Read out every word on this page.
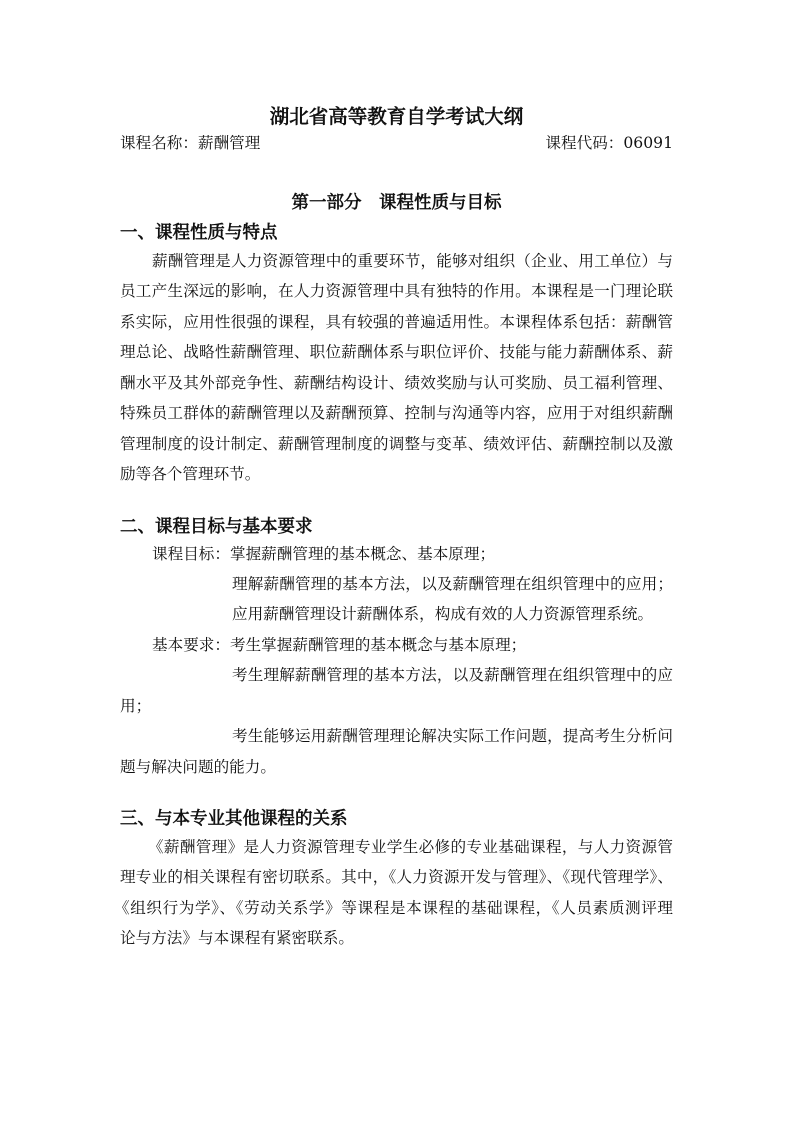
湖北省高等教育自学考试大纲
课程名称：薪酬管理	课程代码：06091
第一部分　课程性质与目标
一、课程性质与特点
薪酬管理是人力资源管理中的重要环节，能够对组织（企业、用工单位）与
员工产生深远的影响，在人力资源管理中具有独特的作用。本课程是一门理论联
系实际，应用性很强的课程，具有较强的普遍适用性。本课程体系包括：薪酬管
理总论、战略性薪酬管理、职位薪酬体系与职位评价、技能与能力薪酬体系、薪
酬水平及其外部竞争性、薪酬结构设计、绩效奖励与认可奖励、员工福利管理、
特殊员工群体的薪酬管理以及薪酬预算、控制与沟通等内容，应用于对组织薪酬
管理制度的设计制定、薪酬管理制度的调整与变革、绩效评估、薪酬控制以及激
励等各个管理环节。
二、课程目标与基本要求
课程目标：掌握薪酬管理的基本概念、基本原理；
理解薪酬管理的基本方法，以及薪酬管理在组织管理中的应用；
应用薪酬管理设计薪酬体系，构成有效的人力资源管理系统。
基本要求：考生掌握薪酬管理的基本概念与基本原理；
考生理解薪酬管理的基本方法，以及薪酬管理在组织管理中的应
用；
考生能够运用薪酬管理理论解决实际工作问题，提高考生分析问
题与解决问题的能力。
三、与本专业其他课程的关系
《薪酬管理》是人力资源管理专业学生必修的专业基础课程，与人力资源管
理专业的相关课程有密切联系。其中，《人力资源开发与管理》、《现代管理学》、
《组织行为学》、《劳动关系学》等课程是本课程的基础课程，《人员素质测评理
论与方法》与本课程有紧密联系。
